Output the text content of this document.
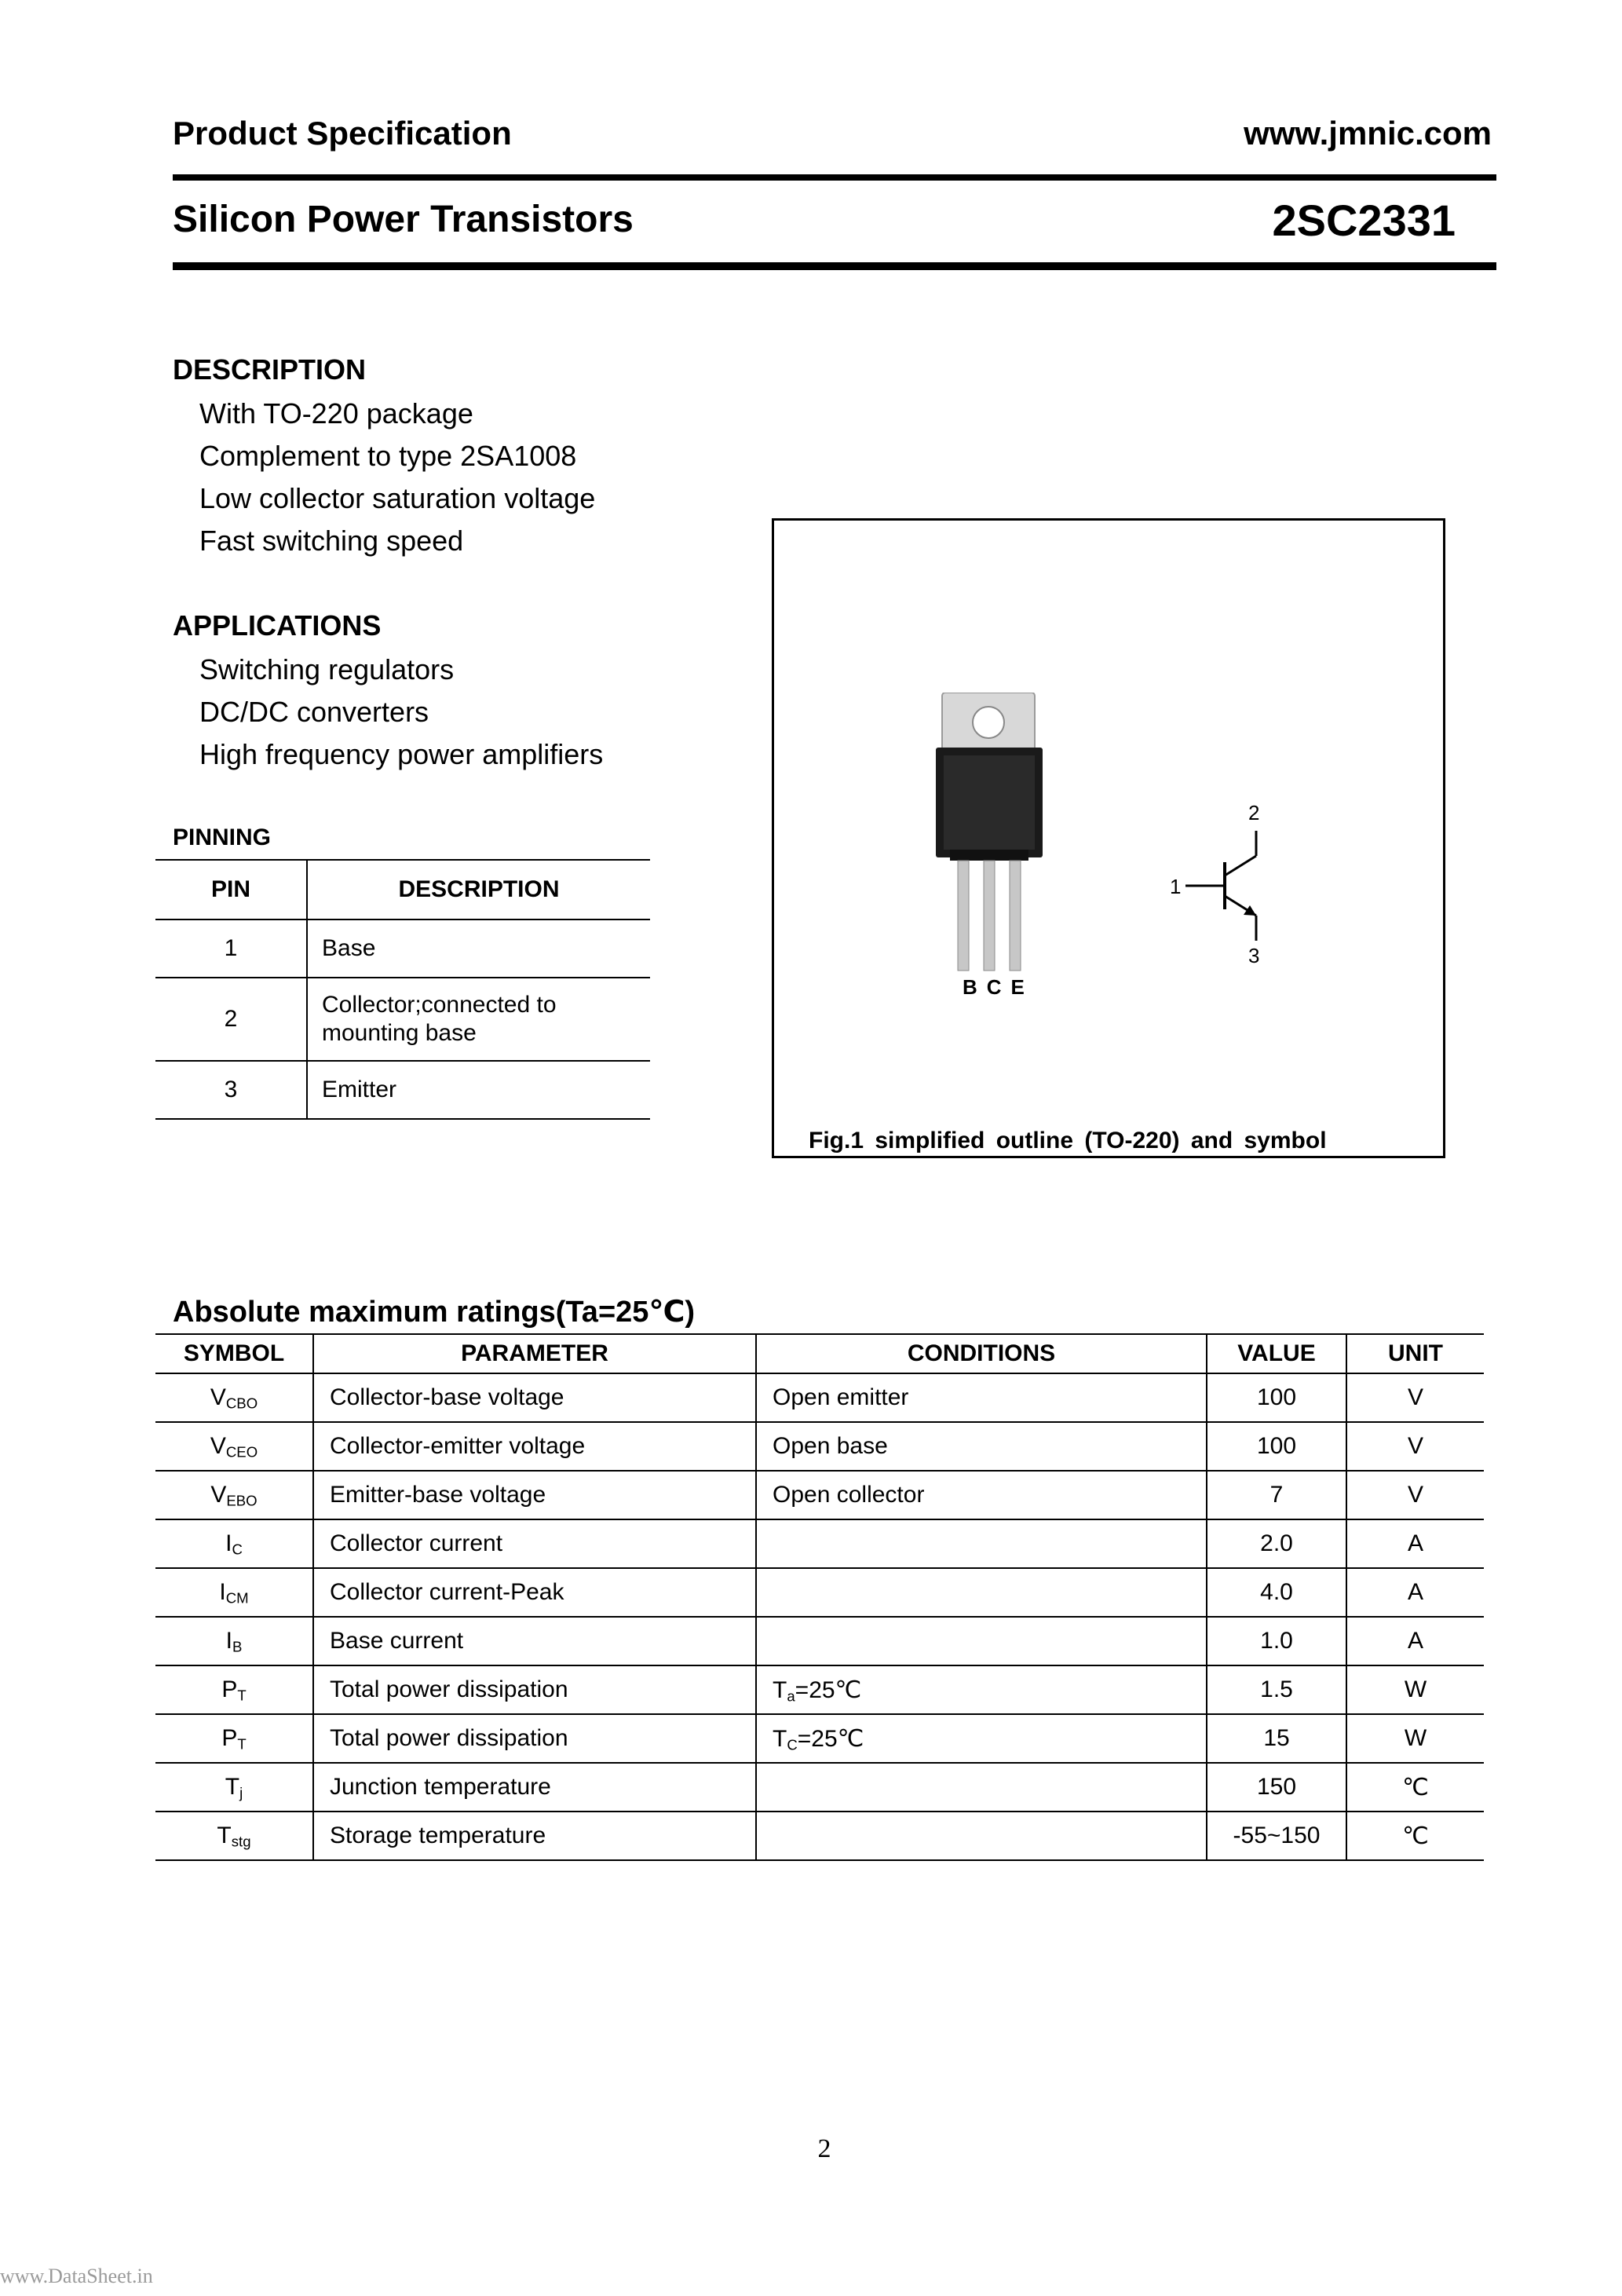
Product Specification	www.jmnic.com
Silicon Power Transistors	2SC2331
DESCRIPTION
With TO-220 package
Complement to type 2SA1008
Low collector saturation voltage
Fast switching speed
APPLICATIONS
Switching regulators
DC/DC converters
High frequency power amplifiers
PINNING
PIN	DESCRIPTION
1	Base
2	Collector;connected to
mounting base

3	Emitter
BCE
1
2
3
Fig.1 simplified outline (TO-220) and symbol
Absolute maximum ratings(Ta=25℃)
SYMBOL	PARAMETER	CONDITIONS	VALUE	UNIT
$V_{CBO}$	Collector-base voltage	Open emitter	100	V
$V_{CEO}$	Collector-emitter voltage	Open base	100	V
$V_{EBO}$	Emitter-base voltage	Open collector	7	V
$I_C$	Collector current		2.0	A
$I_{CM}$	Collector current-Peak		4.0	A
$I_B$	Base current		1.0	A
$P_T$	Total power dissipation	$T_a=25℃$	1.5	W
$P_T$	Total power dissipation	$T_C=25℃$	15	W
$T_j$	Junction temperature		150	℃
$T_{stg}$	Storage temperature		-55~150	℃
2
www.DataSheet.in
